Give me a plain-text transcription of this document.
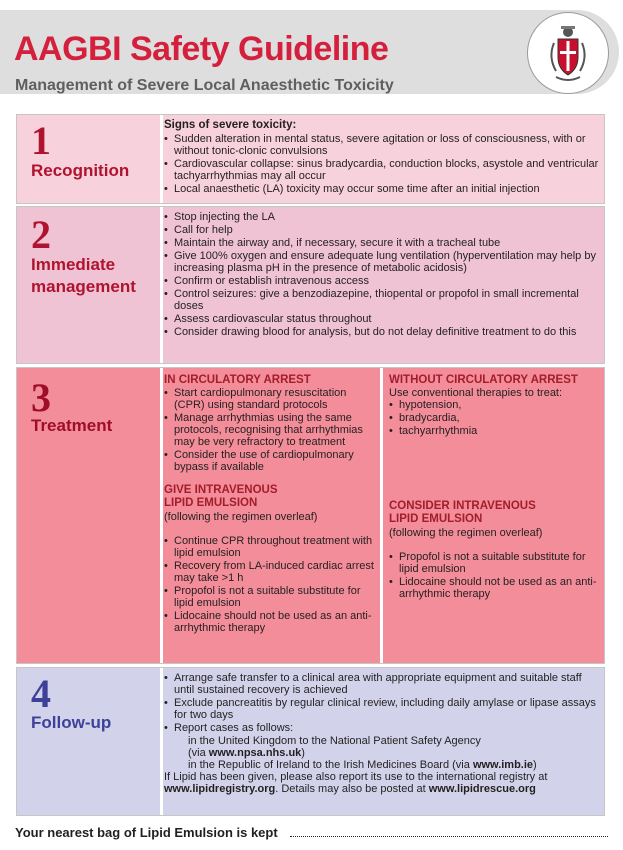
AAGBI Safety Guideline
Management of Severe Local Anaesthetic Toxicity
1
Recognition
Signs of severe toxicity:
• Sudden alteration in mental status, severe agitation or loss of consciousness, with or without tonic-clonic convulsions
• Cardiovascular collapse: sinus bradycardia, conduction blocks, asystole and ventricular tachyarrhythmias may all occur
• Local anaesthetic (LA) toxicity may occur some time after an initial injection
2
Immediate
management
• Stop injecting the LA
• Call for help
• Maintain the airway and, if necessary, secure it with a tracheal tube
• Give 100% oxygen and ensure adequate lung ventilation (hyperventilation may help by increasing plasma pH in the presence of metabolic acidosis)
• Confirm or establish intravenous access
• Control seizures: give a benzodiazepine, thiopental or propofol in small incremental doses
• Assess cardiovascular status throughout
• Consider drawing blood for analysis, but do not delay definitive treatment to do this
3
Treatment
IN CIRCULATORY ARREST
• Start cardiopulmonary resuscitation (CPR) using standard protocols
• Manage arrhythmias using the same protocols, recognising that arrhythmias may be very refractory to treatment
• Consider the use of cardiopulmonary bypass if available
GIVE INTRAVENOUS
LIPID EMULSION
(following the regimen overleaf)
• Continue CPR throughout treatment with lipid emulsion
• Recovery from LA-induced cardiac arrest may take >1 h
• Propofol is not a suitable substitute for lipid emulsion
• Lidocaine should not be used as an anti-arrhythmic therapy
WITHOUT CIRCULATORY ARREST
Use conventional therapies to treat:
• hypotension,
• bradycardia,
• tachyarrhythmia
CONSIDER INTRAVENOUS
LIPID EMULSION
(following the regimen overleaf)
• Propofol is not a suitable substitute for lipid emulsion
• Lidocaine should not be used as an anti-arrhythmic therapy
4
Follow-up
• Arrange safe transfer to a clinical area with appropriate equipment and suitable staff until sustained recovery is achieved
• Exclude pancreatitis by regular clinical review, including daily amylase or lipase assays for two days
• Report cases as follows:
in the United Kingdom to the National Patient Safety Agency
(via www.npsa.nhs.uk)
in the Republic of Ireland to the Irish Medicines Board (via www.imb.ie)
If Lipid has been given, please also report its use to the international registry at www.lipidregistry.org. Details may also be posted at www.lipidrescue.org
Your nearest bag of Lipid Emulsion is kept
